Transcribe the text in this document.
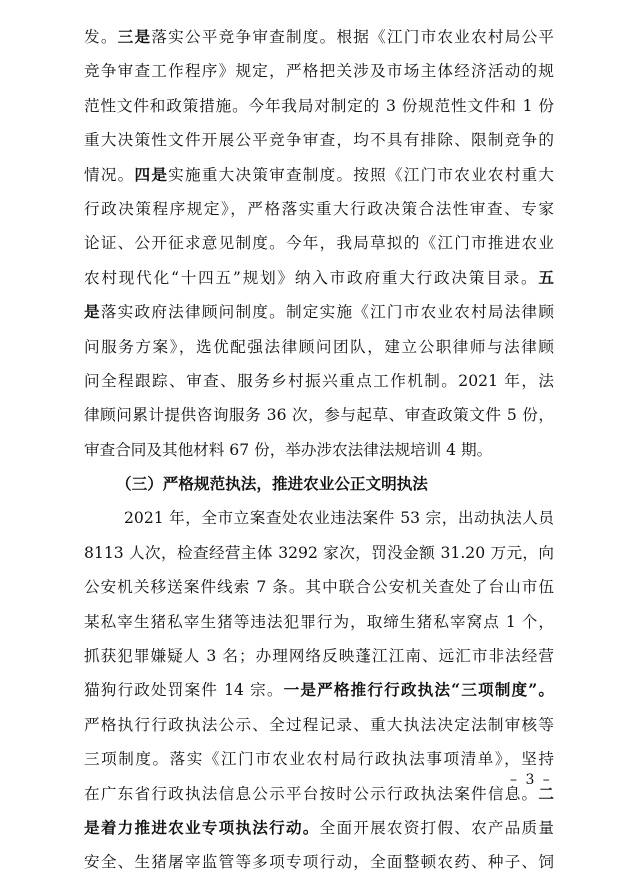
发。三是落实公平竞争审查制度。根据《江门市农业农村局公平
竞争审查工作程序》规定，严格把关涉及市场主体经济活动的规
范性文件和政策措施。今年我局对制定的 3 份规范性文件和 1 份
重大决策性文件开展公平竞争审查，均不具有排除、限制竞争的
情况。四是实施重大决策审查制度。按照《江门市农业农村重大
行政决策程序规定》，严格落实重大行政决策合法性审查、专家
论证、公开征求意见制度。今年，我局草拟的《江门市推进农业
农村现代化“十四五”规划》纳入市政府重大行政决策目录。五
是落实政府法律顾问制度。制定实施《江门市农业农村局法律顾
问服务方案》，选优配强法律顾问团队，建立公职律师与法律顾
问全程跟踪、审查、服务乡村振兴重点工作机制。2021 年，法
律顾问累计提供咨询服务 36 次，参与起草、审查政策文件 5 份，
审查合同及其他材料 67 份，举办涉农法律法规培训 4 期。
（三）严格规范执法，推进农业公正文明执法
2021 年，全市立案查处农业违法案件 53 宗，出动执法人员
8113 人次，检查经营主体 3292 家次，罚没金额 31.20 万元，向
公安机关移送案件线索 7 条。其中联合公安机关查处了台山市伍
某私宰生猪私宰生猪等违法犯罪行为，取缔生猪私宰窝点 1 个，
抓获犯罪嫌疑人 3 名；办理网络反映蓬江江南、远汇市非法经营
猫狗行政处罚案件 14 宗。一是严格推行行政执法“三项制度”。
严格执行行政执法公示、全过程记录、重大执法决定法制审核等
三项制度。落实《江门市农业农村局行政执法事项清单》，坚持
在广东省行政执法信息公示平台按时公示行政执法案件信息。二
是着力推进农业专项执法行动。全面开展农资打假、农产品质量
安全、生猪屠宰监管等多项专项行动，全面整顿农药、种子、饲
– 3 –
